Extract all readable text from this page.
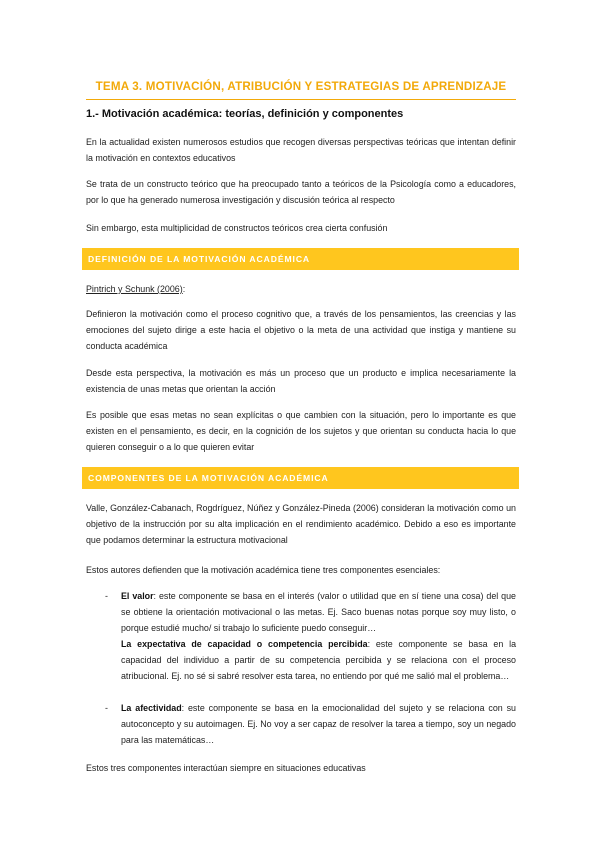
TEMA 3. MOTIVACIÓN, ATRIBUCIÓN Y ESTRATEGIAS DE APRENDIZAJE
1.- Motivación académica: teorías, definición y componentes
En la actualidad existen numerosos estudios que recogen diversas perspectivas teóricas que intentan definir la motivación en contextos educativos
Se trata de un constructo teórico que ha preocupado tanto a teóricos de la Psicología como a educadores, por lo que ha generado numerosa investigación y discusión teórica al respecto
Sin embargo, esta multiplicidad de constructos teóricos crea cierta confusión
DEFINICIÓN DE LA MOTIVACIÓN ACADÉMICA
Pintrich y Schunk (2006):
Definieron la motivación como el proceso cognitivo que, a través de los pensamientos, las creencias y las emociones del sujeto dirige a este hacia el objetivo o la meta de una actividad que instiga y mantiene su conducta académica
Desde esta perspectiva, la motivación es más un proceso que un producto e implica necesariamente la existencia de unas metas que orientan la acción
Es posible que esas metas no sean explícitas o que cambien con la situación, pero lo importante es que existen en el pensamiento, es decir, en la cognición de los sujetos y que orientan su conducta hacia lo que quieren conseguir o a lo que quieren evitar
COMPONENTES DE LA MOTIVACIÓN ACADÉMICA
Valle, González-Cabanach, Rogdríguez, Núñez y González-Pineda (2006) consideran la motivación como un objetivo de la instrucción por su alta implicación en el rendimiento académico. Debido a eso es importante que podamos determinar la estructura motivacional
Estos autores defienden que la motivación académica tiene tres componentes esenciales:
- El valor: este componente se basa en el interés (valor o utilidad que en sí tiene una cosa) del que se obtiene la orientación motivacional o las metas. Ej. Saco buenas notas porque soy muy listo, o porque estudié mucho/ si trabajo lo suficiente puedo conseguir…
La expectativa de capacidad o competencia percibida: este componente se basa en la capacidad del individuo a partir de su competencia percibida y se relaciona con el proceso atribucional. Ej. no sé si sabré resolver esta tarea, no entiendo por qué me salió mal el problema…
- La afectividad: este componente se basa en la emocionalidad del sujeto y se relaciona con su autoconcepto y su autoimagen. Ej. No voy a ser capaz de resolver la tarea a tiempo, soy un negado para las matemáticas…
Estos tres componentes interactúan siempre en situaciones educativas
